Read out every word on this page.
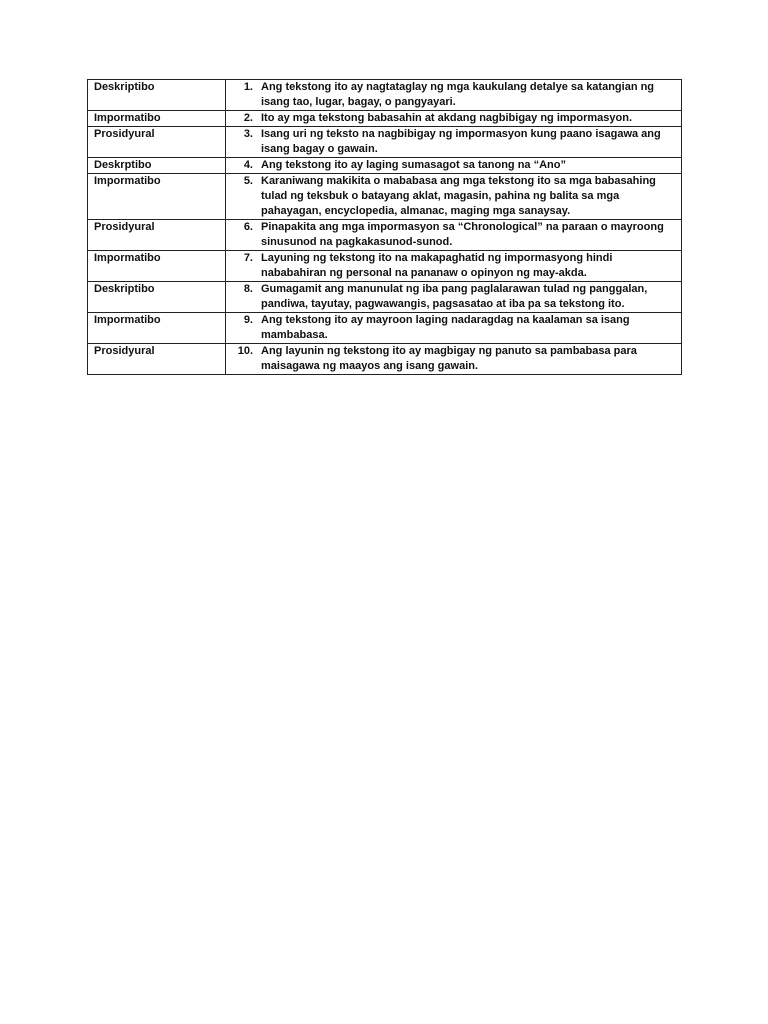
Deskriptibo	1. Ang tekstong ito ay nagtataglay ng mga kaukulang detalye sa katangian ng isang tao, lugar, bagay, o pangyayari.

Impormatibo	2. Ito ay mga tekstong babasahin at akdang nagbibigay ng impormasyon.

Prosidyural	3. Isang uri ng teksto na nagbibigay ng impormasyon kung paano isagawa ang isang bagay o gawain.

Deskrptibo	4. Ang tekstong ito ay laging sumasagot sa tanong na “Ano”

Impormatibo	5. Karaniwang makikita o mababasa ang mga tekstong ito sa mga babasahing tulad ng teksbuk o batayang aklat, magasin, pahina ng balita sa mga pahayagan, encyclopedia, almanac, maging mga sanaysay.

Prosidyural	6. Pinapakita ang mga impormasyon sa “Chronological” na paraan o mayroong sinusunod na pagkakasunod-sunod.

Impormatibo	7. Layuning ng tekstong ito na makapaghatid ng impormasyong hindi nababahiran ng personal na pananaw o opinyon ng may-akda.

Deskriptibo	8. Gumagamit ang manunulat ng iba pang paglalarawan tulad ng panggalan, pandiwa, tayutay, pagwawangis, pagsasatao at iba pa sa tekstong ito.

Impormatibo	9. Ang tekstong ito ay mayroon laging nadaragdag na kaalaman sa isang mambabasa.

Prosidyural	10. Ang layunin ng tekstong ito ay magbigay ng panuto sa pambabasa para maisagawa ng maayos ang isang gawain.
